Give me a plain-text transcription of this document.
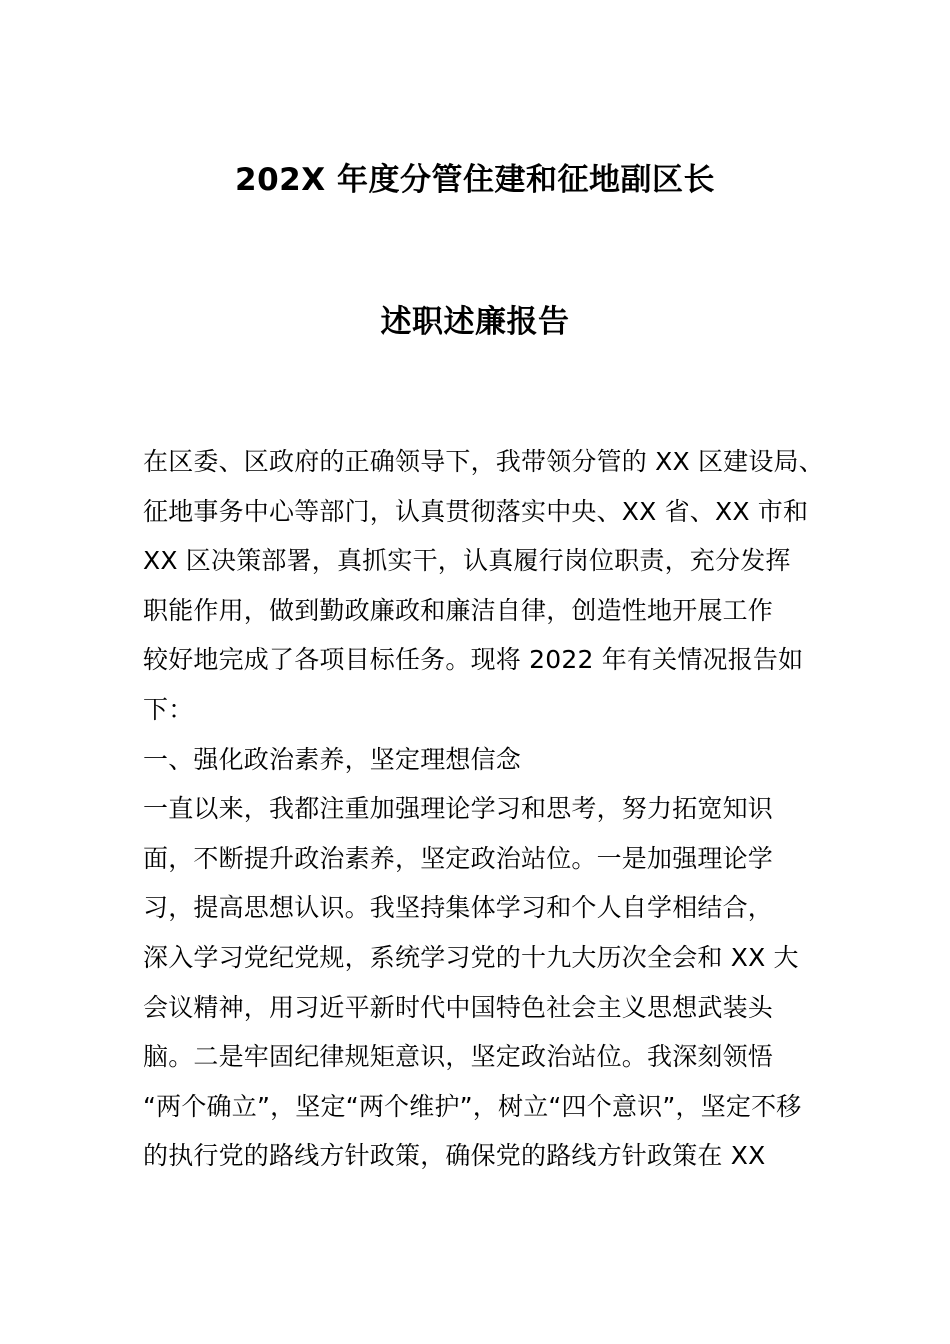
202X 年度分管住建和征地副区长
述职述廉报告
在区委、区政府的正确领导下，我带领分管的 XX 区建设局、
征地事务中心等部门，认真贯彻落实中央、XX 省、XX 市和
XX 区决策部署，真抓实干，认真履行岗位职责，充分发挥
职能作用，做到勤政廉政和廉洁自律，创造性地开展工作
较好地完成了各项目标任务。现将 2022 年有关情况报告如
下：
一、强化政治素养，坚定理想信念
一直以来，我都注重加强理论学习和思考，努力拓宽知识
面，不断提升政治素养，坚定政治站位。一是加强理论学
习，提高思想认识。我坚持集体学习和个人自学相结合，
深入学习党纪党规，系统学习党的十九大历次全会和 XX 大
会议精神，用习近平新时代中国特色社会主义思想武装头
脑。二是牢固纪律规矩意识，坚定政治站位。我深刻领悟
“两个确立”，坚定“两个维护”，树立“四个意识”，坚定不移
的执行党的路线方针政策，确保党的路线方针政策在 XX
